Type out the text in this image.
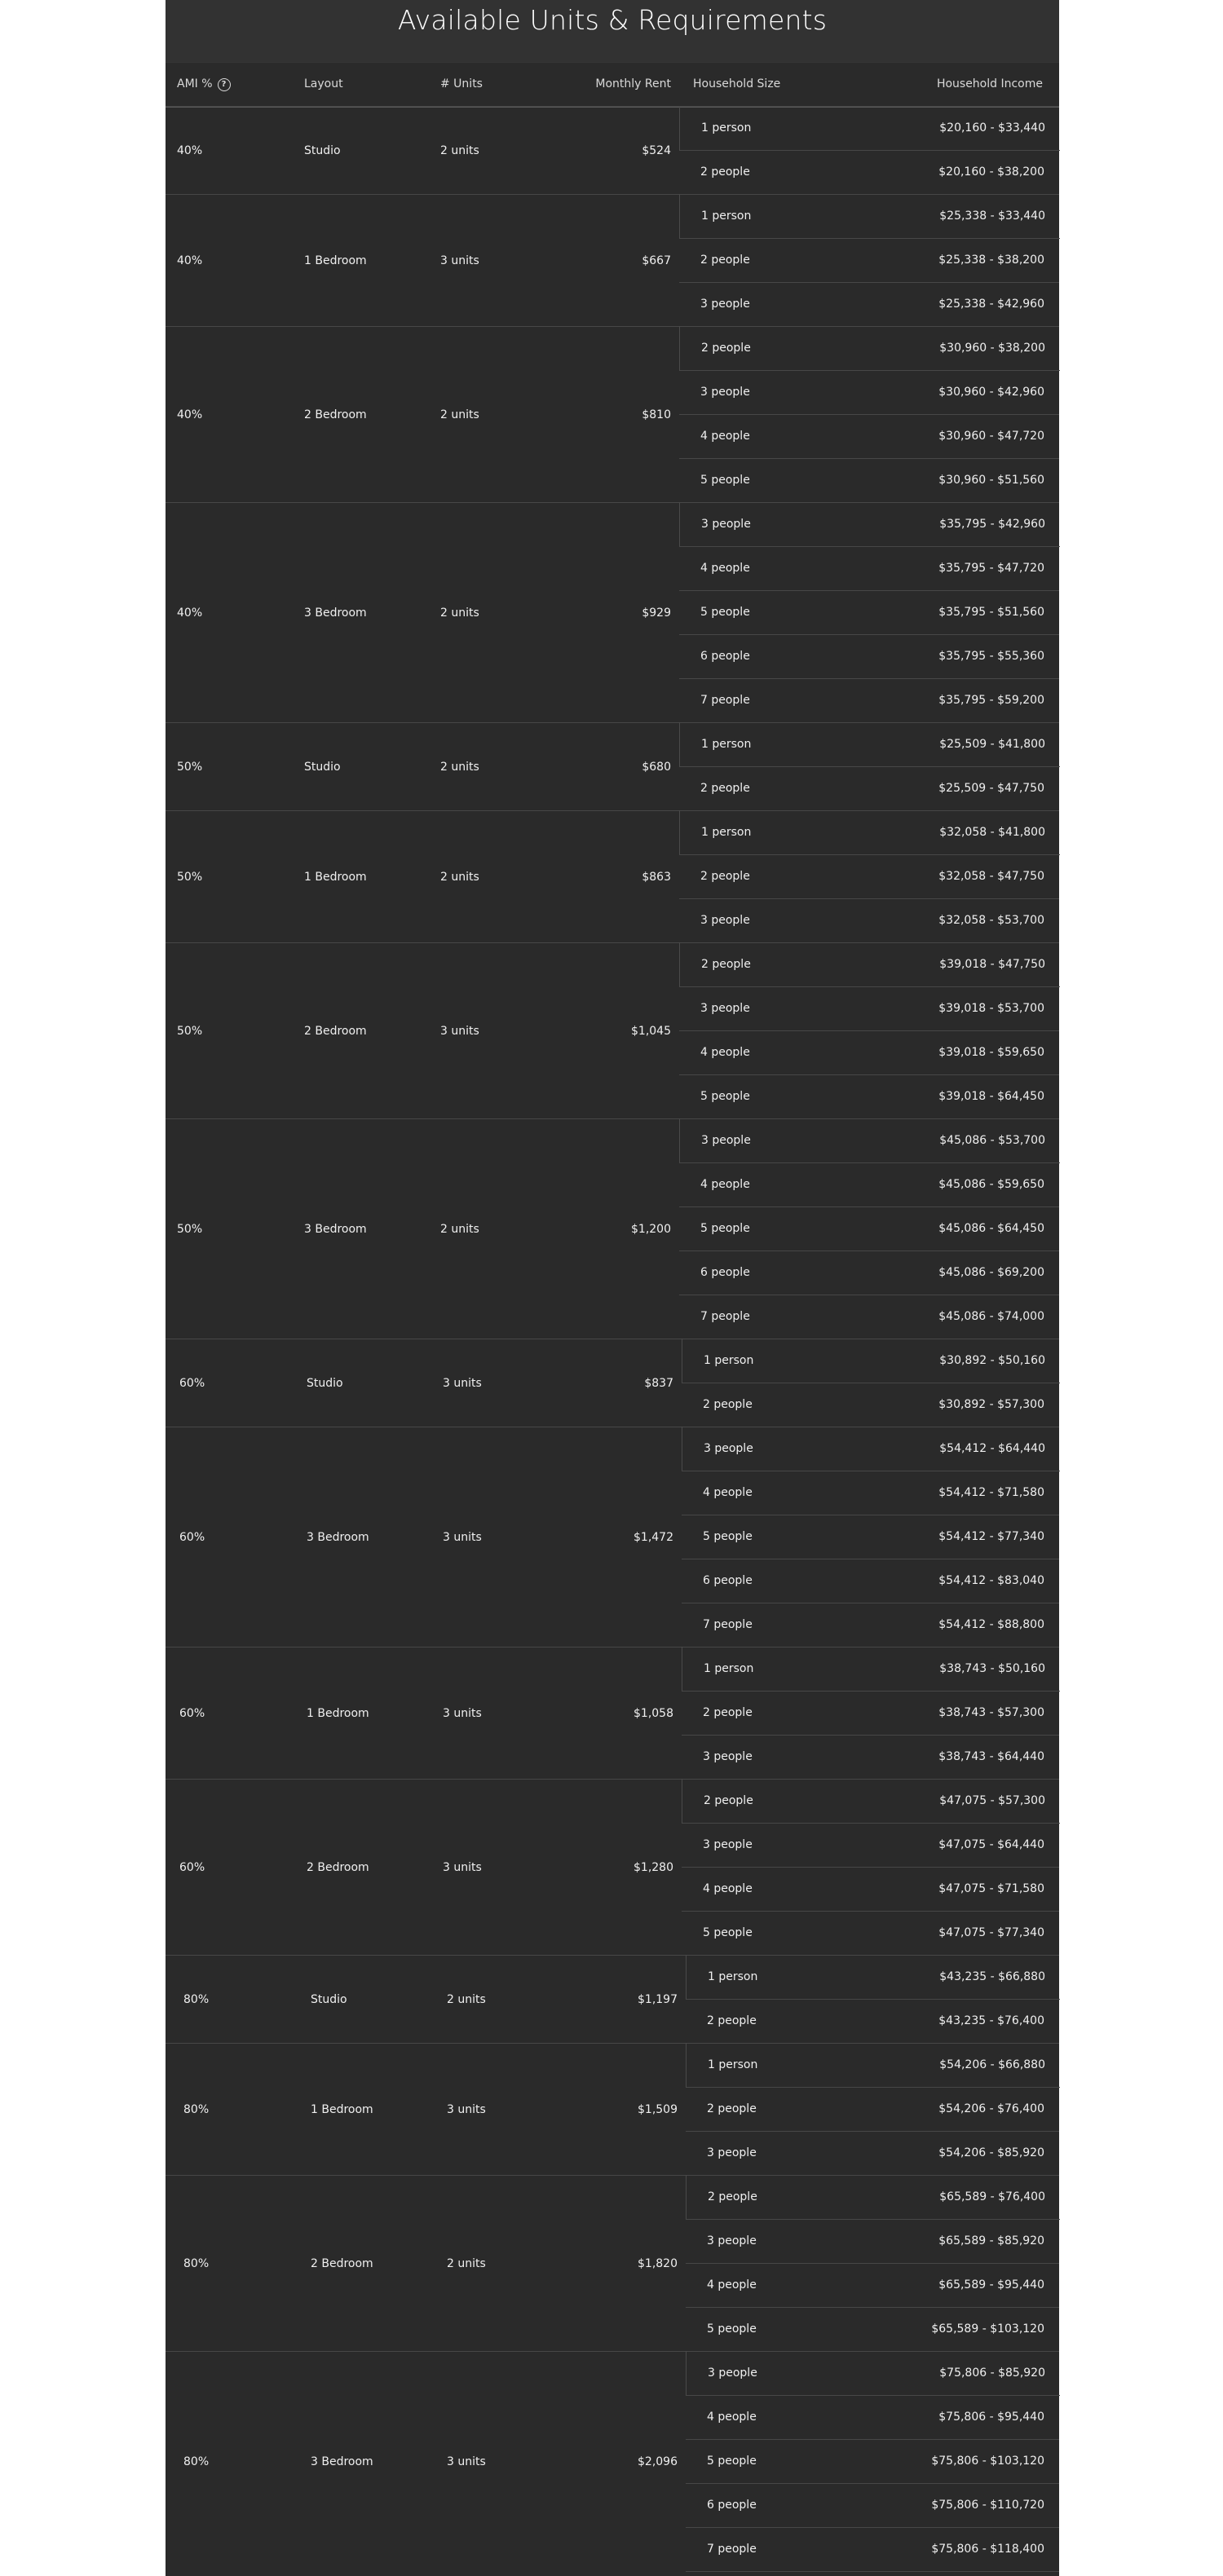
Available Units & Requirements
AMI % ?	Layout	# Units	Monthly Rent Household Size	Household Income
40%	Studio	2 units	$524
1 person	$20,160 - $33,440
2 people	$20,160 - $38,200
40%	1 Bedroom	3 units	$667
1 person	$25,338 - $33,440
2 people	$25,338 - $38,200
3 people	$25,338 - $42,960
40%	2 Bedroom	2 units	$810
2 people	$30,960 - $38,200
3 people	$30,960 - $42,960
4 people	$30,960 - $47,720
5 people	$30,960 - $51,560
40%	3 Bedroom	2 units	$929
3 people	$35,795 - $42,960
4 people	$35,795 - $47,720
5 people	$35,795 - $51,560
6 people	$35,795 - $55,360
7 people	$35,795 - $59,200
50%	Studio	2 units	$680
1 person	$25,509 - $41,800
2 people	$25,509 - $47,750
50%	1 Bedroom	2 units	$863
1 person	$32,058 - $41,800
2 people	$32,058 - $47,750
3 people	$32,058 - $53,700
50%	2 Bedroom	3 units	$1,045
2 people	$39,018 - $47,750
3 people	$39,018 - $53,700
4 people	$39,018 - $59,650
5 people	$39,018 - $64,450
50%	3 Bedroom	2 units	$1,200
3 people	$45,086 - $53,700
4 people	$45,086 - $59,650
5 people	$45,086 - $64,450
6 people	$45,086 - $69,200
7 people	$45,086 - $74,000
60%	Studio	3 units	$837
1 person	$30,892 - $50,160
2 people	$30,892 - $57,300
60%	3 Bedroom	3 units	$1,472
3 people	$54,412 - $64,440
4 people	$54,412 - $71,580
5 people	$54,412 - $77,340
6 people	$54,412 - $83,040
7 people	$54,412 - $88,800
60%	1 Bedroom	3 units	$1,058
1 person	$38,743 - $50,160
2 people	$38,743 - $57,300
3 people	$38,743 - $64,440
60%	2 Bedroom	3 units	$1,280
2 people	$47,075 - $57,300
3 people	$47,075 - $64,440
4 people	$47,075 - $71,580
5 people	$47,075 - $77,340
80%	Studio	2 units	$1,197
1 person	$43,235 - $66,880
2 people	$43,235 - $76,400
80%	1 Bedroom	3 units	$1,509
1 person	$54,206 - $66,880
2 people	$54,206 - $76,400
3 people	$54,206 - $85,920
80%	2 Bedroom	2 units	$1,820
2 people	$65,589 - $76,400
3 people	$65,589 - $85,920
4 people	$65,589 - $95,440
5 people	$65,589 - $103,120
80%	3 Bedroom	3 units	$2,096
3 people	$75,806 - $85,920
4 people	$75,806 - $95,440
5 people	$75,806 - $103,120
6 people	$75,806 - $110,720
7 people	$75,806 - $118,400
